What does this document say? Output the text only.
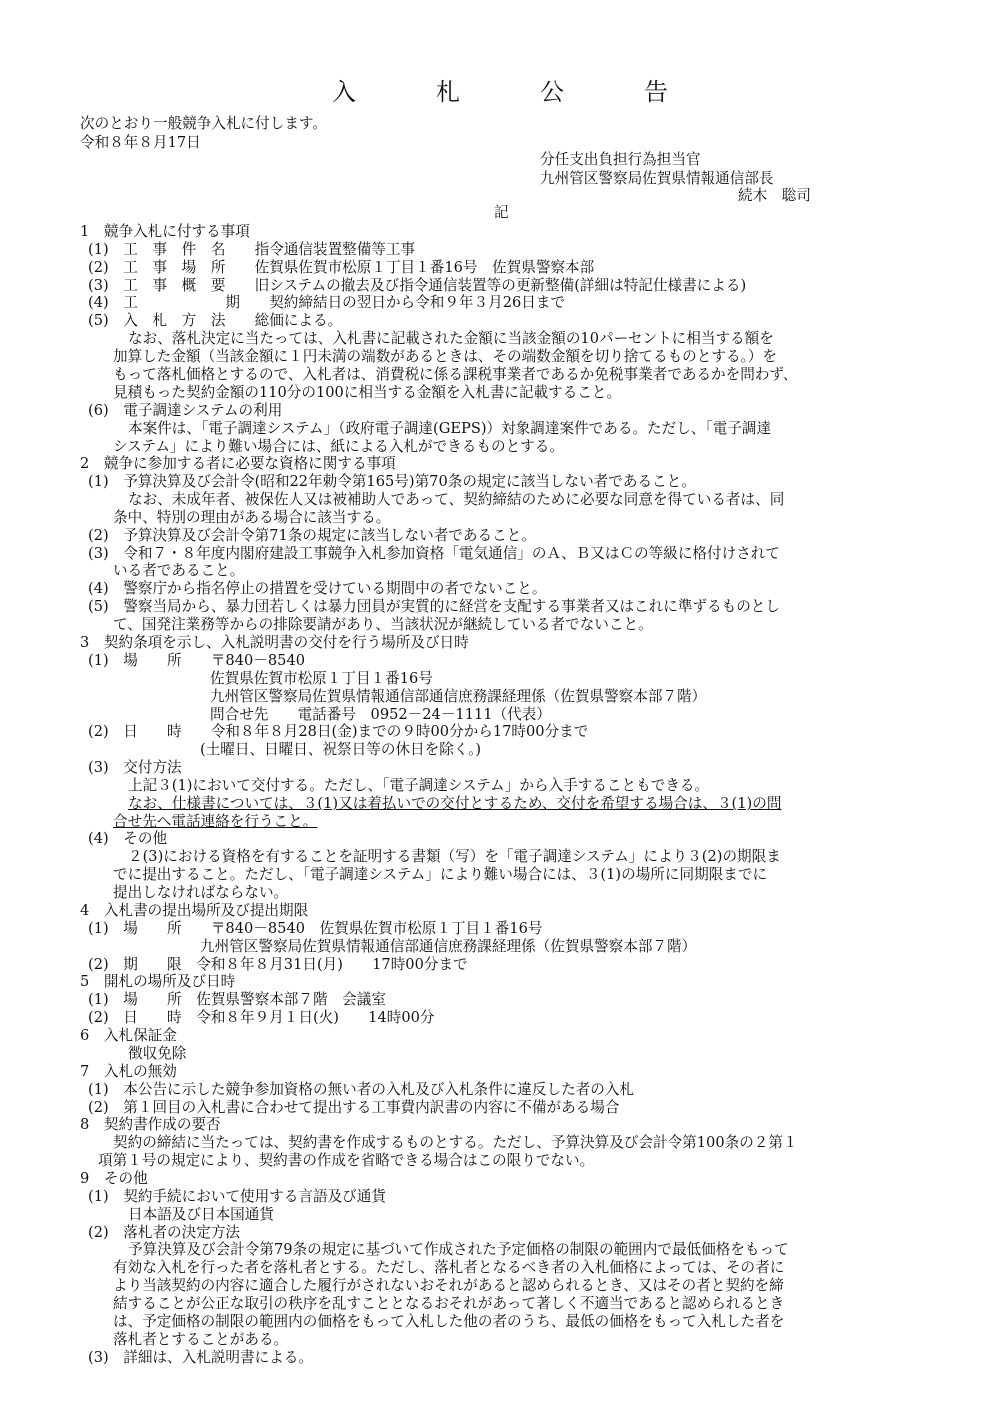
入　札　公　告
次のとおり一般競争入札に付します。
令和８年８月17日
分任支出負担行為担当官
九州管区警察局佐賀県情報通信部長
続木　聡司
記
1　競争入札に付する事項
(1)　工　事　件　名　　指令通信装置整備等工事
(2)　工　事　場　所　　佐賀県佐賀市松原１丁目１番16号　佐賀県警察本部
(3)　工　事　概　要　　旧システムの撤去及び指令通信装置等の更新整備(詳細は特記仕様書による)
(4)　工　　　　　　期　　契約締結日の翌日から令和９年３月26日まで
(5)　入　札　方　法　　総価による。
なお、落札決定に当たっては、入札書に記載された金額に当該金額の10パーセントに相当する額を
加算した金額（当該金額に１円未満の端数があるときは、その端数金額を切り捨てるものとする。）を
もって落札価格とするので、入札者は、消費税に係る課税事業者であるか免税事業者であるかを問わず、
見積もった契約金額の110分の100に相当する金額を入札書に記載すること。
(6)　電子調達システムの利用
本案件は、「電子調達システム」（政府電子調達(GEPS)）対象調達案件である。ただし、「電子調達
システム」により難い場合には、紙による入札ができるものとする。
2　競争に参加する者に必要な資格に関する事項
(1)　予算決算及び会計令(昭和22年勅令第165号)第70条の規定に該当しない者であること。
なお、未成年者、被保佐人又は被補助人であって、契約締結のために必要な同意を得ている者は、同
条中、特別の理由がある場合に該当する。
(2)　予算決算及び会計令第71条の規定に該当しない者であること。
(3)　令和７・８年度内閣府建設工事競争入札参加資格「電気通信」のＡ、Ｂ又はＣの等級に格付けされて
いる者であること。
(4)　警察庁から指名停止の措置を受けている期間中の者でないこと。
(5)　警察当局から、暴力団若しくは暴力団員が実質的に経営を支配する事業者又はこれに準ずるものとし
て、国発注業務等からの排除要請があり、当該状況が継続している者でないこと。
3　契約条項を示し、入札説明書の交付を行う場所及び日時
(1)　場　　所　　〒840－8540
佐賀県佐賀市松原１丁目１番16号
九州管区警察局佐賀県情報通信部通信庶務課経理係（佐賀県警察本部７階）
問合せ先　　電話番号　0952－24－1111（代表）
(2)　日　　時　　令和８年８月28日(金)までの９時00分から17時00分まで
(土曜日、日曜日、祝祭日等の休日を除く。)
(3)　交付方法
上記３(1)において交付する。ただし、「電子調達システム」から入手することもできる。
なお、仕様書については、３(1)又は着払いでの交付とするため、交付を希望する場合は、３(1)の問
合せ先へ電話連絡を行うこと。
(4)　その他
２(3)における資格を有することを証明する書類（写）を「電子調達システム」により３(2)の期限ま
でに提出すること。ただし、「電子調達システム」により難い場合には、３(1)の場所に同期限までに
提出しなければならない。
4　入札書の提出場所及び提出期限
(1)　場　　所　　〒840－8540　佐賀県佐賀市松原１丁目１番16号
九州管区警察局佐賀県情報通信部通信庶務課経理係（佐賀県警察本部７階）
(2)　期　　限　令和８年８月31日(月)　　17時00分まで
5　開札の場所及び日時
(1)　場　　所　佐賀県警察本部７階　会議室
(2)　日　　時　令和８年９月１日(火)　　14時00分
6　入札保証金
徴収免除
7　入札の無効
(1)　本公告に示した競争参加資格の無い者の入札及び入札条件に違反した者の入札
(2)　第１回目の入札書に合わせて提出する工事費内訳書の内容に不備がある場合
8　契約書作成の要否
契約の締結に当たっては、契約書を作成するものとする。ただし、予算決算及び会計令第100条の２第１
項第１号の規定により、契約書の作成を省略できる場合はこの限りでない。
9　その他
(1)　契約手続において使用する言語及び通貨
日本語及び日本国通貨
(2)　落札者の決定方法
予算決算及び会計令第79条の規定に基づいて作成された予定価格の制限の範囲内で最低価格をもって
有効な入札を行った者を落札者とする。ただし、落札者となるべき者の入札価格によっては、その者に
より当該契約の内容に適合した履行がされないおそれがあると認められるとき、又はその者と契約を締
結することが公正な取引の秩序を乱すこととなるおそれがあって著しく不適当であると認められるとき
は、予定価格の制限の範囲内の価格をもって入札した他の者のうち、最低の価格をもって入札した者を
落札者とすることがある。
(3)　詳細は、入札説明書による。
